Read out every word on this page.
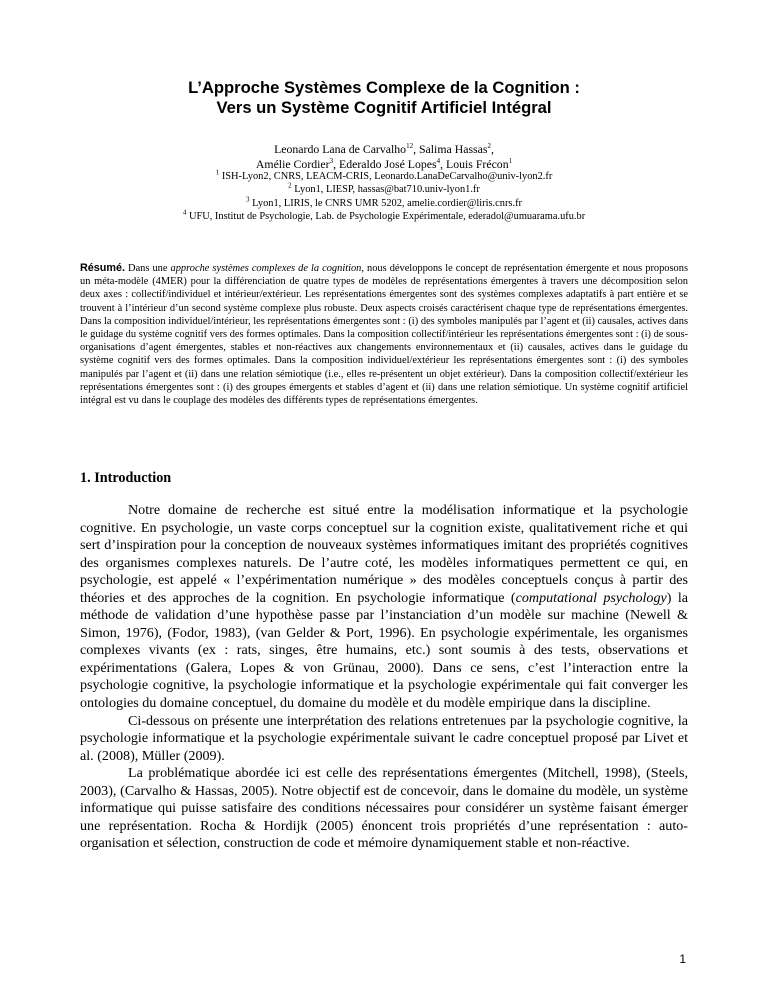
L’Approche Systèmes Complexe de la Cognition :
Vers un Système Cognitif Artificiel Intégral
Leonardo Lana de Carvalho$^{12}$, Salima Hassas$^2$,
Amélie Cordier$^3$, Ederaldo José Lopes$^4$, Louis Frécon$^1$
$^1$ ISH-Lyon2, CNRS, LEACM-CRIS, Leonardo.LanaDeCarvalho@univ-lyon2.fr
$^2$ Lyon1, LIESP, hassas@bat710.univ-lyon1.fr
$^3$ Lyon1, LIRIS, le CNRS UMR 5202, amelie.cordier@liris.cnrs.fr
$^4$ UFU, Institut de Psychologie, Lab. de Psychologie Expérimentale, ederadol@umuarama.ufu.br
Résumé. Dans une approche systèmes complexes de la cognition, nous développons le concept de représentation émergente et nous proposons un méta-modèle (4MER) pour la différenciation de quatre types de modèles de représentations émergentes à travers une décomposition selon deux axes : collectif/individuel et intérieur/extérieur. Les représentations émergentes sont des systèmes complexes adaptatifs à part entière et se trouvent à l’intérieur d’un second système complexe plus robuste. Deux aspects croisés caractérisent chaque type de représentations émergentes. Dans la composition individuel/intérieur, les représentations émergentes sont : (i) des symboles manipulés par l’agent et (ii) causales, actives dans le guidage du système cognitif vers des formes optimales. Dans la composition collectif/intérieur les représentations émergentes sont : (i) de sous-organisations d’agent émergentes, stables et non-réactives aux changements environnementaux et (ii) causales, actives dans le guidage du système cognitif vers des formes optimales. Dans la composition individuel/extérieur les représentations émergentes sont : (i) des symboles manipulés par l’agent et (ii) dans une relation sémiotique (i.e., elles re-présentent un objet extérieur). Dans la composition collectif/extérieur les représentations émergentes sont : (i) des groupes émergents et stables d’agent et (ii) dans une relation sémiotique. Un système cognitif artificiel intégral est vu dans le couplage des modèles des différents types de représentations émergentes.
1. Introduction

Notre domaine de recherche est situé entre la modélisation informatique et la psychologie cognitive. En psychologie, un vaste corps conceptuel sur la cognition existe, qualitativement riche et qui sert d’inspiration pour la conception de nouveaux systèmes informatiques imitant des propriétés cognitives des organismes complexes naturels. De l’autre coté, les modèles informatiques permettent ce qui, en psychologie, est appelé « l’expérimentation numérique » des modèles conceptuels conçus à partir des théories et des approches de la cognition. En psychologie informatique (computational psychology) la méthode de validation d’une hypothèse passe par l’instanciation d’un modèle sur machine (Newell & Simon, 1976), (Fodor, 1983), (van Gelder & Port, 1996). En psychologie expérimentale, les organismes complexes vivants (ex : rats, singes, être humains, etc.) sont soumis à des tests, observations et expérimentations (Galera, Lopes & von Grünau, 2000). Dans ce sens, c’est l’interaction entre la psychologie cognitive, la psychologie informatique et la psychologie expérimentale qui fait converger les ontologies du domaine conceptuel, du domaine du modèle et du modèle empirique dans la discipline.

Ci-dessous on présente une interprétation des relations entretenues par la psychologie cognitive, la psychologie informatique et la psychologie expérimentale suivant le cadre conceptuel proposé par Livet et al. (2008), Müller (2009).

La problématique abordée ici est celle des représentations émergentes (Mitchell, 1998), (Steels, 2003), (Carvalho & Hassas, 2005). Notre objectif est de concevoir, dans le domaine du modèle, un système informatique qui puisse satisfaire des conditions nécessaires pour considérer un système faisant émerger une représentation. Rocha & Hordijk (2005) énoncent trois propriétés d’une représentation : auto-organisation et sélection, construction de code et mémoire dynamiquement stable et non-réactive.

1
